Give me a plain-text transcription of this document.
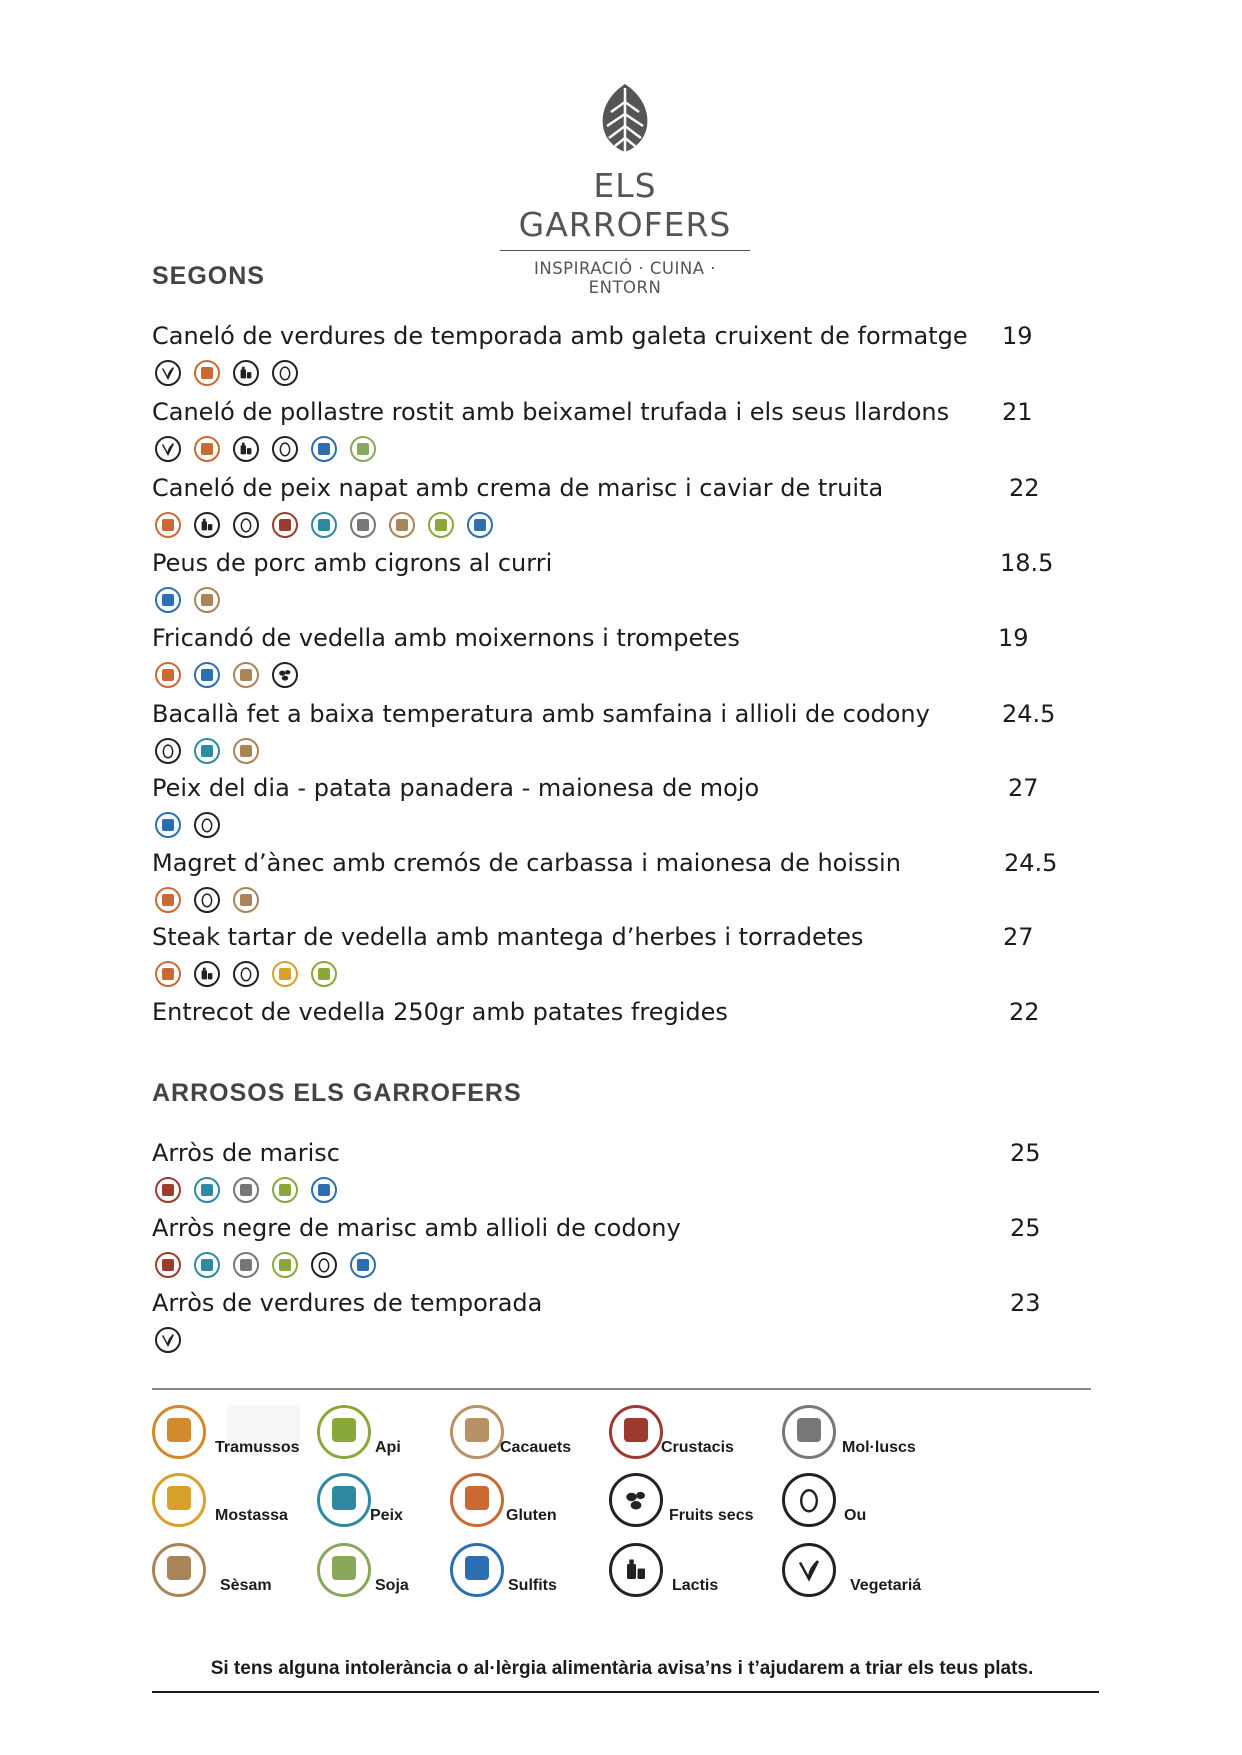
ELS GARROFERS
INSPIRACIÓ · CUINA · ENTORN
SEGONS
ARROSOS ELS GARROFERS
Caneló de verdures de temporada amb galeta cruixent de formatge 19
Caneló de pollastre rostit amb beixamel trufada i els seus llardons 21
Caneló de peix napat amb crema de marisc i caviar de truita	22
Peus de porc amb cigrons al curri	18.5
Fricandó de vedella amb moixernons i trompetes	19
Bacallà fet a baixa temperatura amb samfaina i allioli de codony	24.5
Peix del dia - patata panadera - maionesa de mojo	27
Magret d’ànec amb cremós de carbassa i maionesa de hoissin	24.5
Steak tartar de vedella amb mantega d’herbes i torradetes	27
Entrecot de vedella 250gr amb patates fregides	22
Arròs de marisc	25
Arròs negre de marisc amb allioli de codony	25
Arròs de verdures de temporada	23
Tramussos	Api	Cacauets	Crustacis	Mol·luscs
Mostassa	Peix	Gluten	Fruits secs	Ou
Sèsam	Soja	Sulfits	Lactis	Vegetariá
Si tens alguna intolerància o al·lèrgia alimentària avisa’ns i t’ajudarem a triar els teus plats.
